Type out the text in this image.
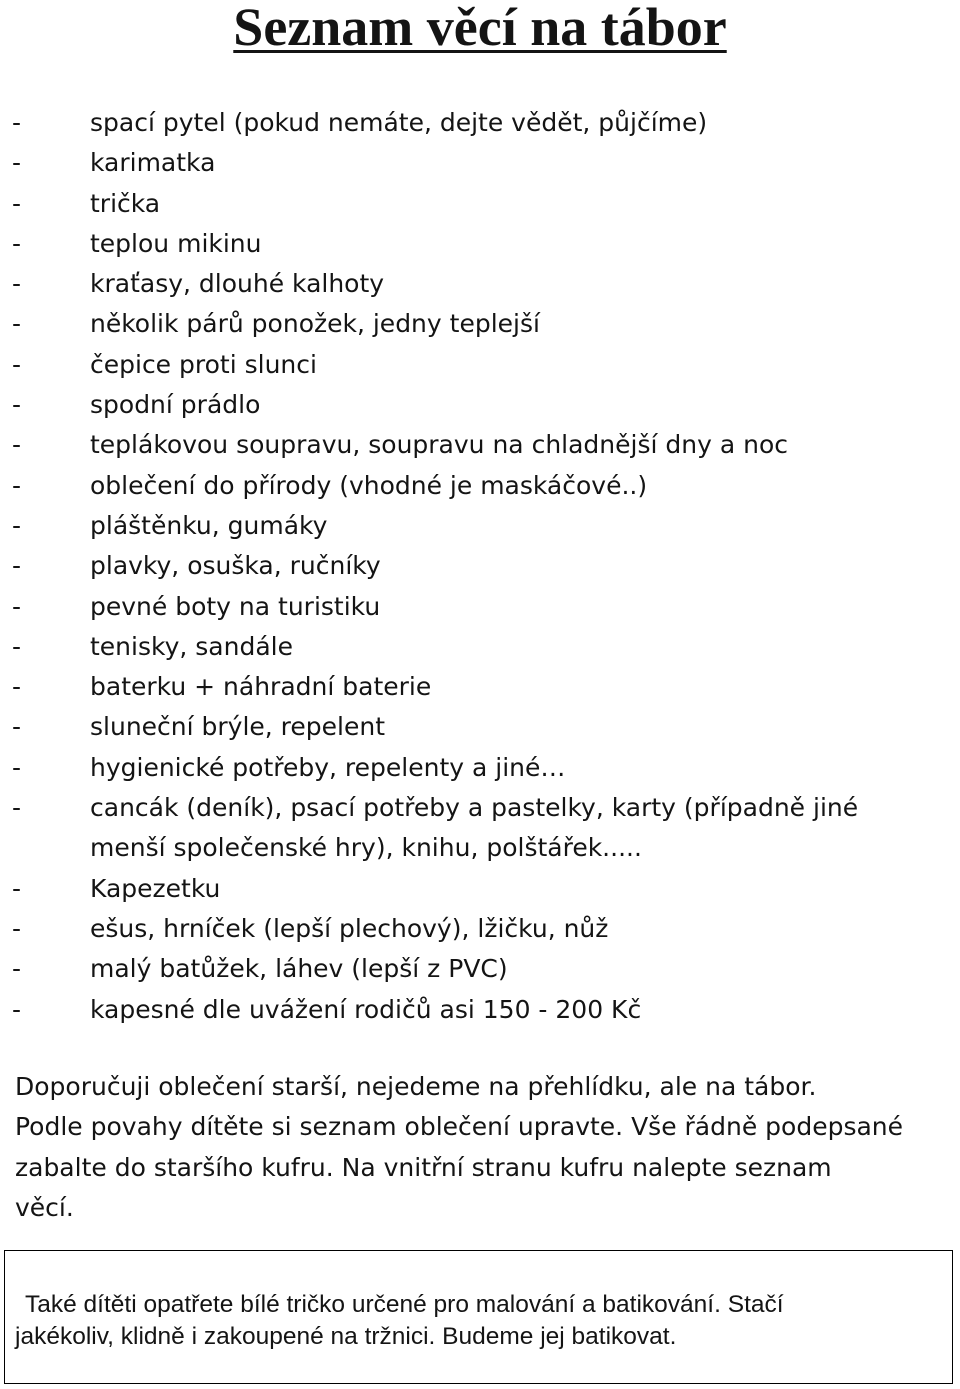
Seznam věcí na tábor
-	spací pytel (pokud nemáte, dejte vědět, půjčíme)
-	karimatka
-	trička
-	teplou mikinu
-	kraťasy, dlouhé kalhoty
-	několik párů ponožek, jedny teplejší
-	čepice proti slunci
-	spodní prádlo
-	teplákovou soupravu, soupravu na chladnější dny a noc
-	oblečení do přírody (vhodné je maskáčové..)
-	pláštěnku, gumáky
-	plavky, osuška, ručníky
-	pevné boty na turistiku
-	tenisky, sandále
-	baterku + náhradní baterie
-	sluneční brýle, repelent
-	hygienické potřeby, repelenty a jiné…
-	cancák (deník), psací potřeby a pastelky, karty (případně jiné
menší společenské hry), knihu, polštářek.....
-	Kapezetku
-	ešus, hrníček (lepší plechový), lžičku, nůž
-	malý batůžek, láhev (lepší z PVC)
-	kapesné dle uvážení rodičů asi 150 - 200 Kč
Doporučuji oblečení starší, nejedeme na přehlídku, ale na tábor.
Podle povahy dítěte si seznam oblečení upravte. Vše řádně podepsané
zabalte do staršího kufru. Na vnitřní stranu kufru nalepte seznam
věcí.
Také dítěti opatřete bílé tričko určené pro malování a batikování. Stačí
jakékoliv, klidně i zakoupené na tržnici. Budeme jej batikovat.
